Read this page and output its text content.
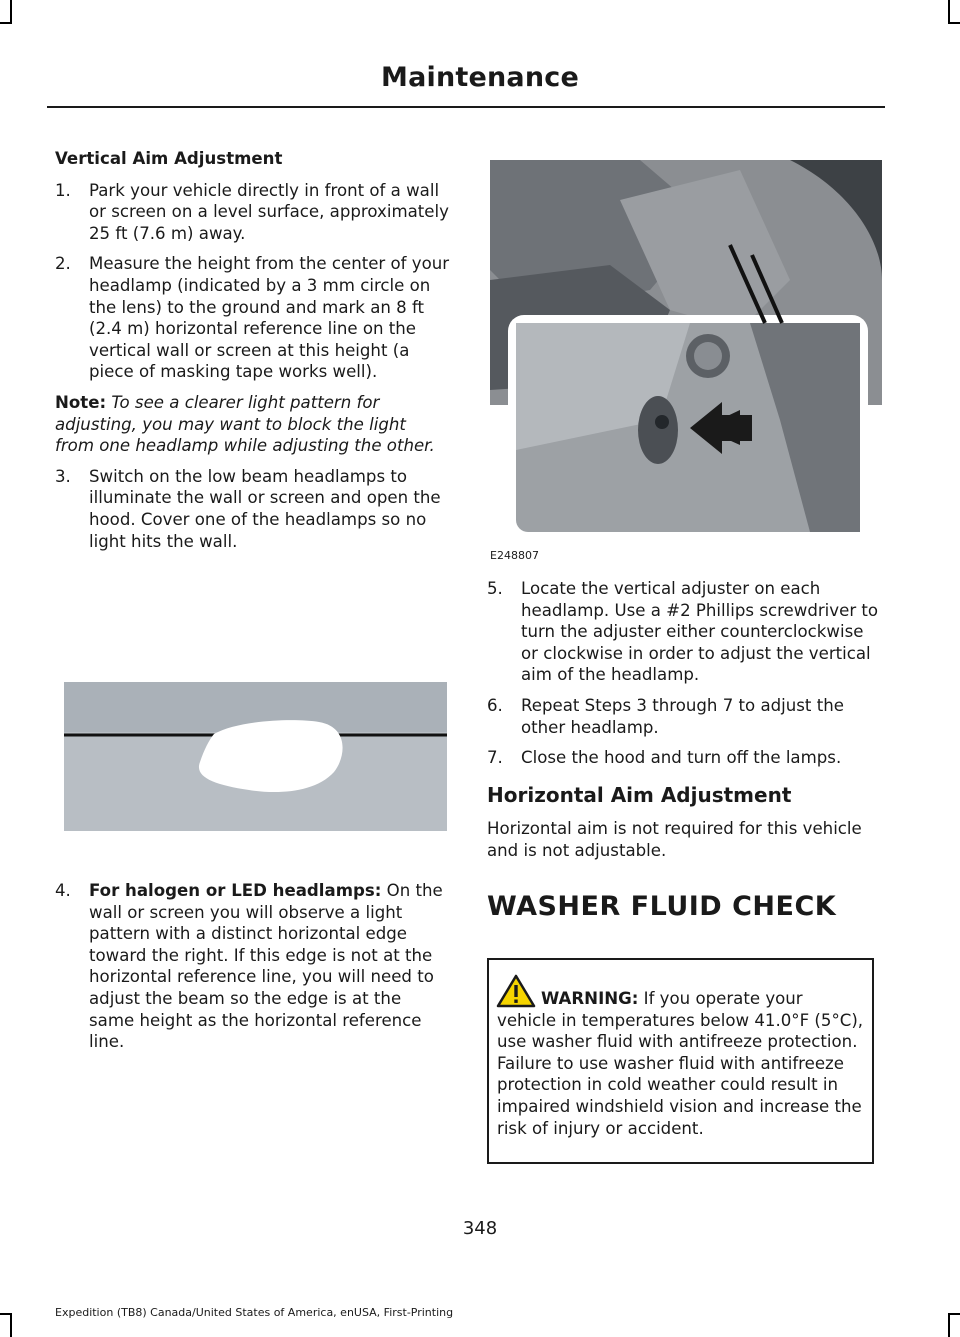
Maintenance
Vertical Aim Adjustment
1.	Park your vehicle directly in front of a wall or screen on a level surface, approximately 25 ft (7.6 m) away.
2.	Measure the height from the center of your headlamp (indicated by a 3 mm circle on the lens) to the ground and mark an 8 ft (2.4 m) horizontal reference line on the vertical wall or screen at this height (a piece of masking tape works well).
Note: To see a clearer light pattern for adjusting, you may want to block the light from one headlamp while adjusting the other.
3.	Switch on the low beam headlamps to illuminate the wall or screen and open the hood. Cover one of the headlamps so no light hits the wall.
4.	For halogen or LED headlamps: On the wall or screen you will observe a light pattern with a distinct horizontal edge toward the right. If this edge is not at the horizontal reference line, you will need to adjust the beam so the edge is at the same height as the horizontal reference line.
E248807
5.	Locate the vertical adjuster on each headlamp. Use a #2 Phillips screwdriver to turn the adjuster either counterclockwise or clockwise in order to adjust the vertical aim of the headlamp.
6.	Repeat Steps 3 through 7 to adjust the other headlamp.
7.	Close the hood and turn off the lamps.
Horizontal Aim Adjustment
Horizontal aim is not required for this vehicle and is not adjustable.
WASHER FLUID CHECK
WARNING: If you operate your vehicle in temperatures below 41.0°F (5°C), use washer fluid with antifreeze protection. Failure to use washer fluid with antifreeze protection in cold weather could result in impaired windshield vision and increase the risk of injury or accident.
348
Expedition (TB8) Canada/United States of America, enUSA, First-Printing
